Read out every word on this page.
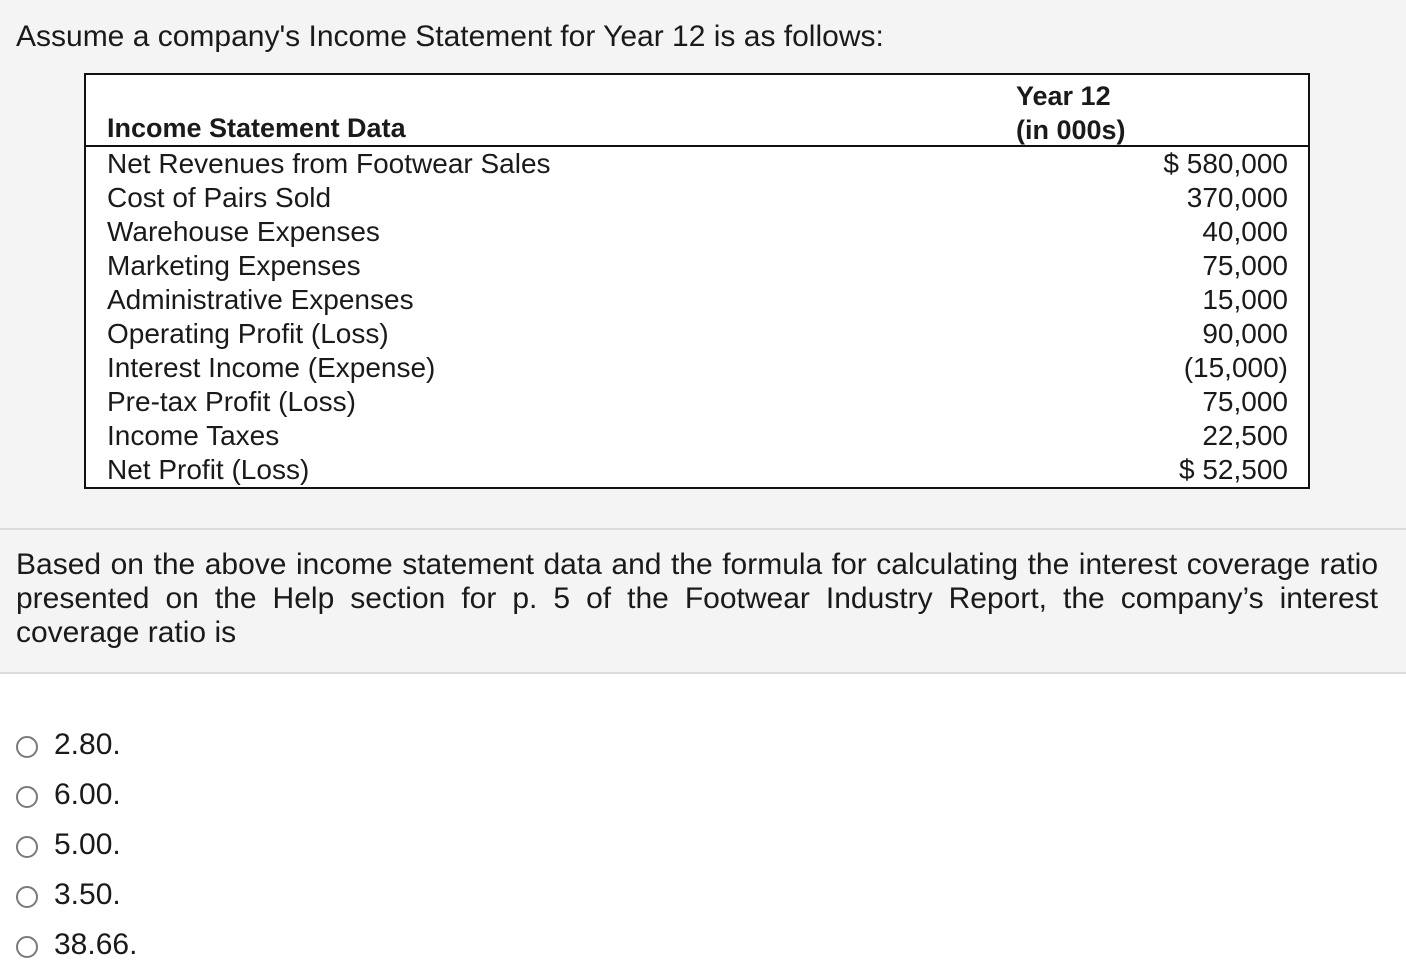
Assume a company's Income Statement for Year 12 is as follows:
Income Statement Data
Year 12
(in 000s)
Net Revenues from Footwear Sales	$ 580,000
Cost of Pairs Sold	370,000
Warehouse Expenses	40,000
Marketing Expenses	75,000
Administrative Expenses	15,000
Operating Profit (Loss)	90,000
Interest Income (Expense)	(15,000)
Pre-tax Profit (Loss)	75,000
Income Taxes	22,500
Net Profit (Loss)	$ 52,500
Based on the above income statement data and the formula for calculating the interest coverage ratio presented on the Help section for p. 5 of the Footwear Industry Report, the company’s interest coverage ratio is
2.80.
6.00.
5.00.
3.50.
38.66.
